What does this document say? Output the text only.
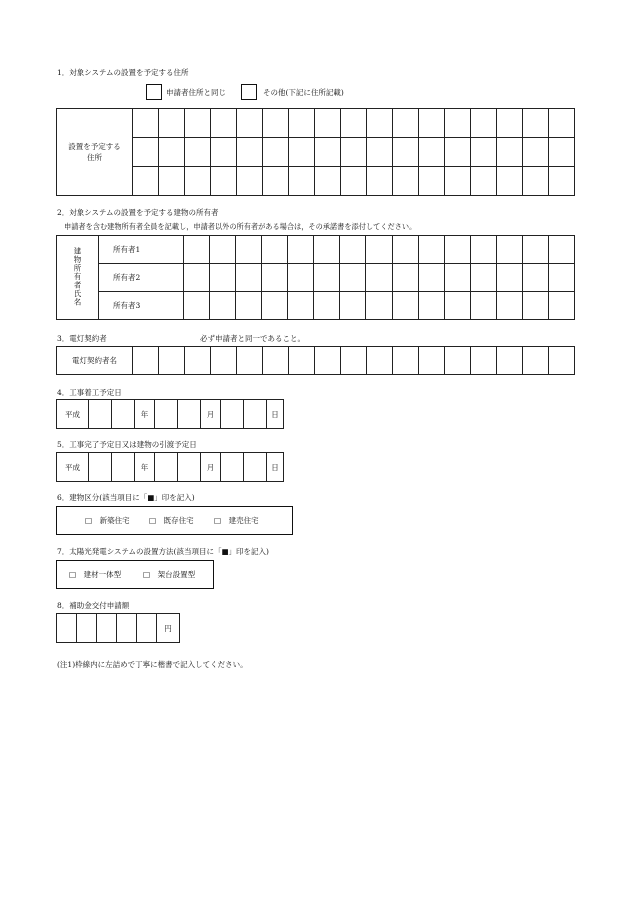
1．対象システムの設置を予定する住所
申請者住所と同じ	その他(下記に住所記載)
設置を予定する
住所																	

2．対象システムの設置を予定する建物の所有者
申請者を含む建物所有者全員を記載し，申請者以外の所有者がある場合は，その承諾書を添付してください。
建物所有者氏名	所有者1															
	所有者2															
	所有者3															
3．電灯契約者	必ず申請者と同一であること。
電灯契約者名																	
4．工事着工予定日
平成			年			月			日
5．工事完了予定日又は建物の引渡予定日
平成			年			月			日
6．建物区分(該当項目に「■」印を記入)
□　新築住宅	□　既存住宅	□　建売住宅
7．太陽光発電システムの設置方法(該当項目に「■」印を記入)
□　建材一体型	□　架台設置型
8．補助金交付申請額
					円
(注1)枠線内に左詰めで丁寧に楷書で記入してください。
